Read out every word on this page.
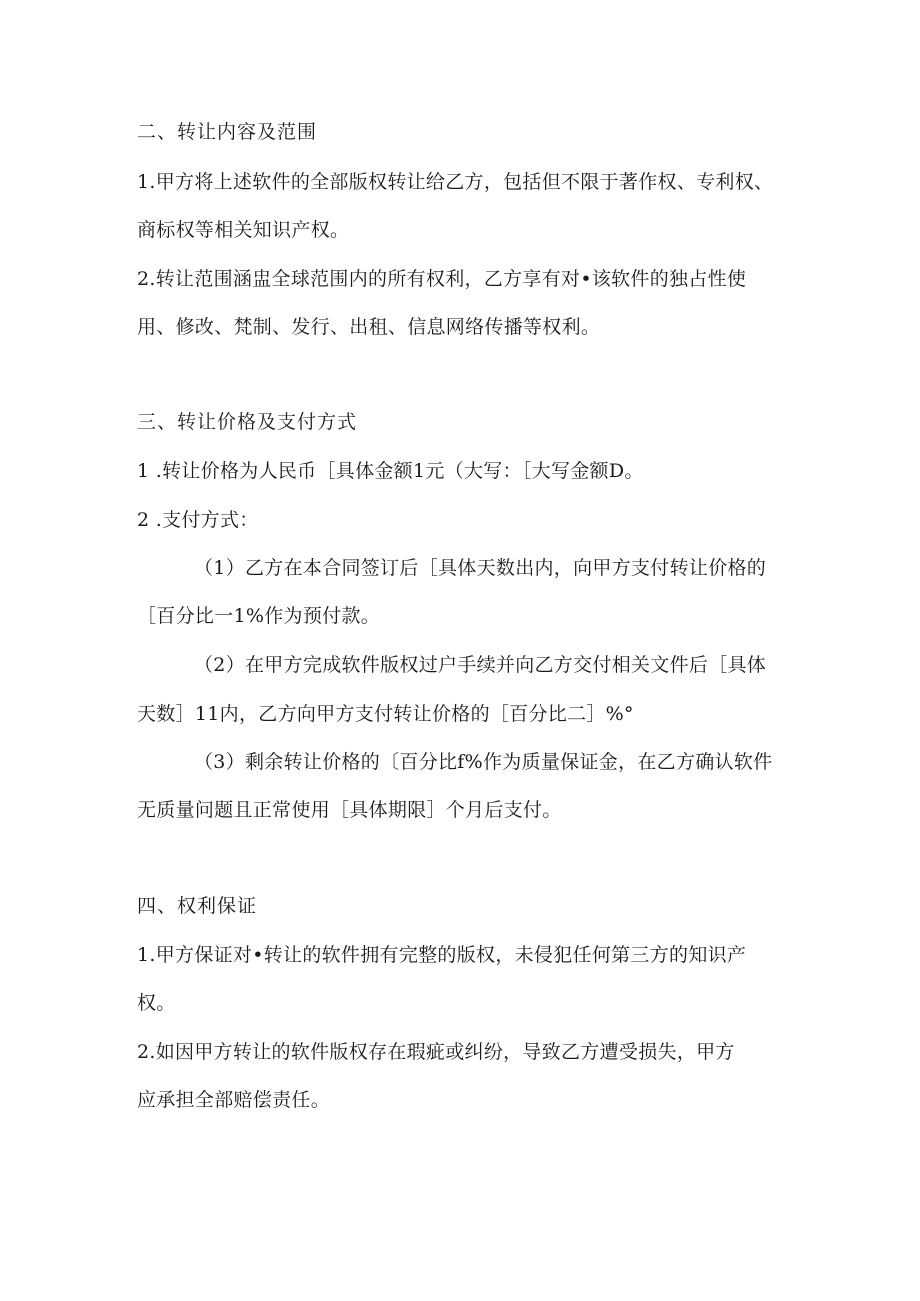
二、转让内容及范围

1.甲方将上述软件的全部版权转让给乙方，包括但不限于著作权、专利权、

商标权等相关知识产权。

2.转让范围涵盅全球范围内的所有权利，乙方享有对•该软件的独占性使

用、修改、梵制、发行、出租、信息网络传播等权利。

三、转让价格及支付方式

1 .转让价格为人民币［具体金额1元（大写：［大写金额D。

2 .支付方式：

（1）乙方在本合同签订后［具体天数出内，向甲方支付转让价格的

［百分比一1%作为预付款。

（2）在甲方完成软件版权过户手续并向乙方交付相关文件后［具体

天数］11内，乙方向甲方支付转让价格的［百分比二］%°

（3）剩余转让价格的〔百分比f%作为质量保证金，在乙方确认软件

无质量问题且正常使用［具体期限］个月后支付。

四、权利保证

1.甲方保证对•转让的软件拥有完整的版权，未侵犯任何第三方的知识产

权。

2.如因甲方转让的软件版权存在瑕疵或纠纷，导致乙方遭受损失，甲方

应承担全部赔偿责任。
